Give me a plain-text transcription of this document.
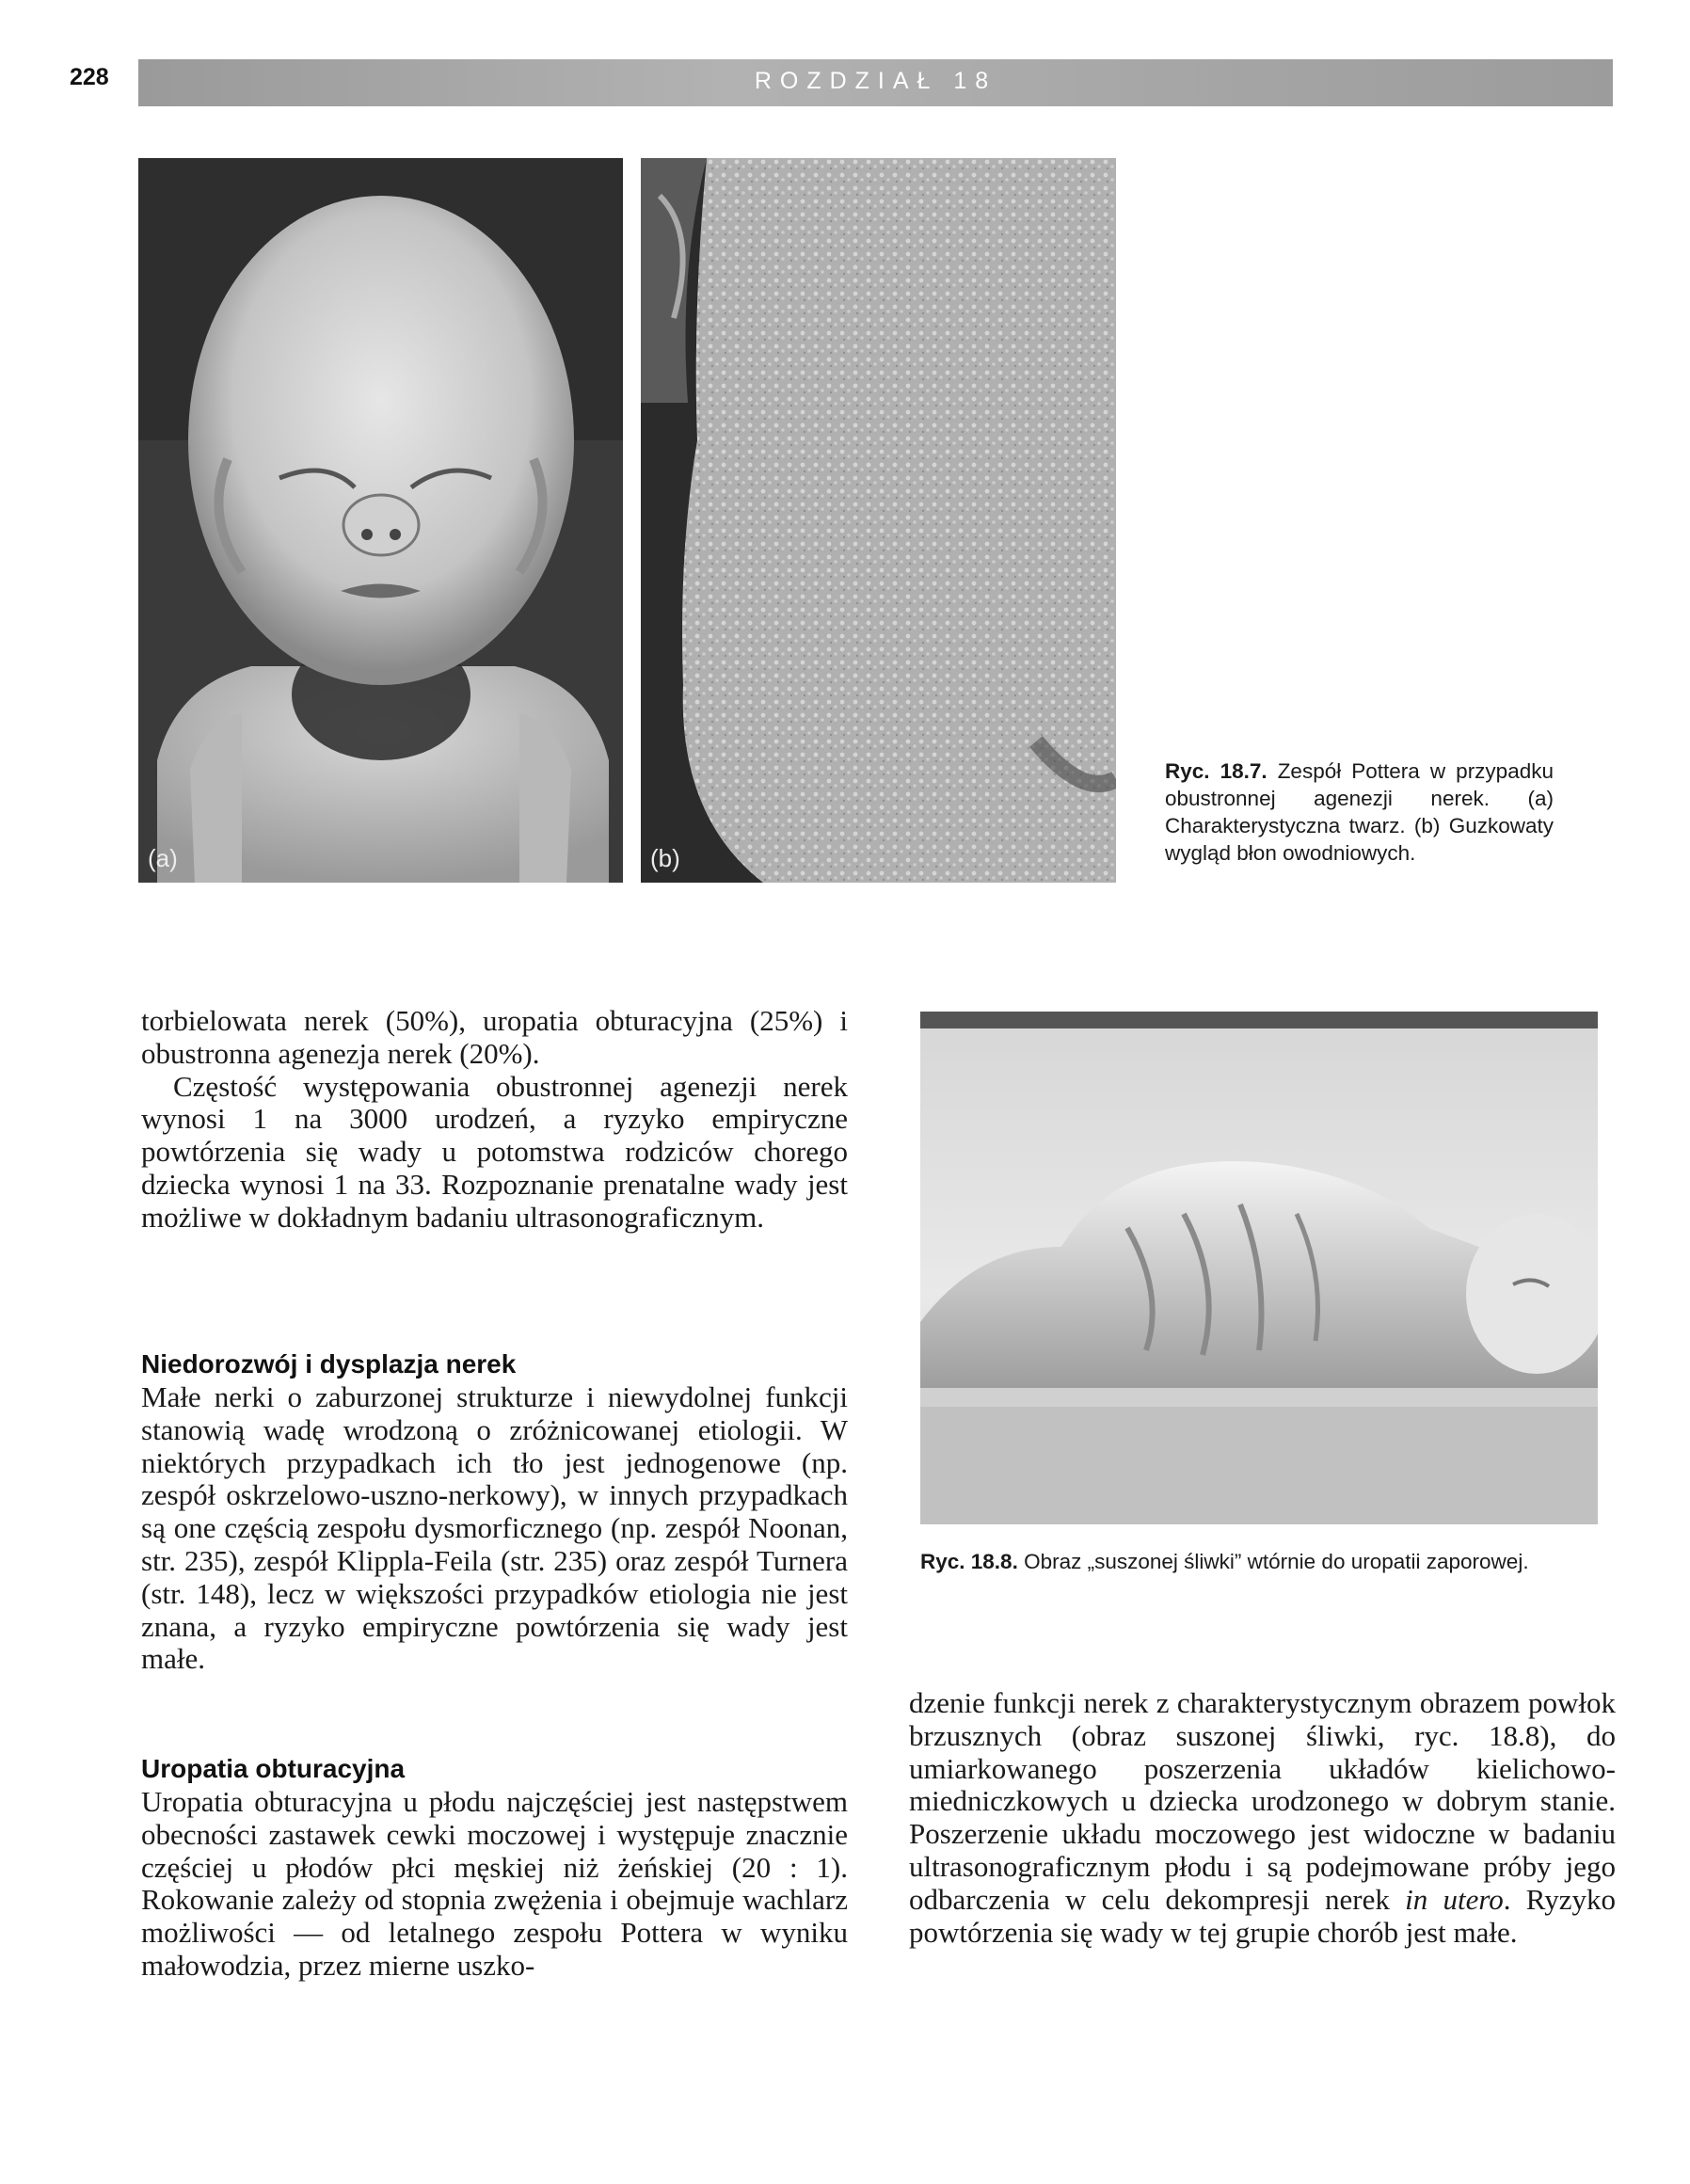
228	ROZDZIAŁ 18
(a)	(b)
Ryc. 18.7. Zespół Pottera w przypadku obustronnej agenezji nerek. (a) Charakterystyczna twarz. (b) Guzkowaty wygląd błon owodniowych.
Ryc. 18.8. Obraz „suszonej śliwki” wtórnie do uropatii zaporowej.

torbielowata nerek (50%), uropatia obturacyjna (25%) i obustronna agenezja nerek (20%).

Częstość występowania obustronnej agenezji nerek wynosi 1 na 3000 urodzeń, a ryzyko empiryczne powtórzenia się wady u potomstwa rodziców chorego dziecka wynosi 1 na 33. Rozpoznanie prenatalne wady jest możliwe w dokładnym badaniu ultrasonograficznym.

Niedorozwój i dysplazja nerek

Małe nerki o zaburzonej strukturze i niewydolnej funkcji stanowią wadę wrodzoną o zróżnicowanej etiologii. W niektórych przypadkach ich tło jest jednogenowe (np. zespół oskrzelowo-uszno-nerkowy), w innych przypadkach są one częścią zespołu dysmorficznego (np. zespół Noonan, str. 235), zespół Klippla-Feila (str. 235) oraz zespół Turnera (str. 148), lecz w większości przypadków etiologia nie jest znana, a ryzyko empiryczne powtórzenia się wady jest małe.

Uropatia obturacyjna

Uropatia obturacyjna u płodu najczęściej jest następstwem obecności zastawek cewki moczowej i występuje znacznie częściej u płodów płci męskiej niż żeńskiej (20 : 1). Rokowanie zależy od stopnia zwężenia i obejmuje wachlarz możliwości — od letalnego zespołu Pottera w wyniku małowodzia, przez mierne uszko-

dzenie funkcji nerek z charakterystycznym obrazem powłok brzusznych (obraz suszonej śliwki, ryc. 18.8), do umiarkowanego poszerzenia układów kielichowo-miedniczkowych u dziecka urodzonego w dobrym stanie. Poszerzenie układu moczowego jest widoczne w badaniu ultrasonograficznym płodu i są podejmowane próby jego odbarczenia w celu dekompresji nerek in utero. Ryzyko powtórzenia się wady w tej grupie chorób jest małe.
